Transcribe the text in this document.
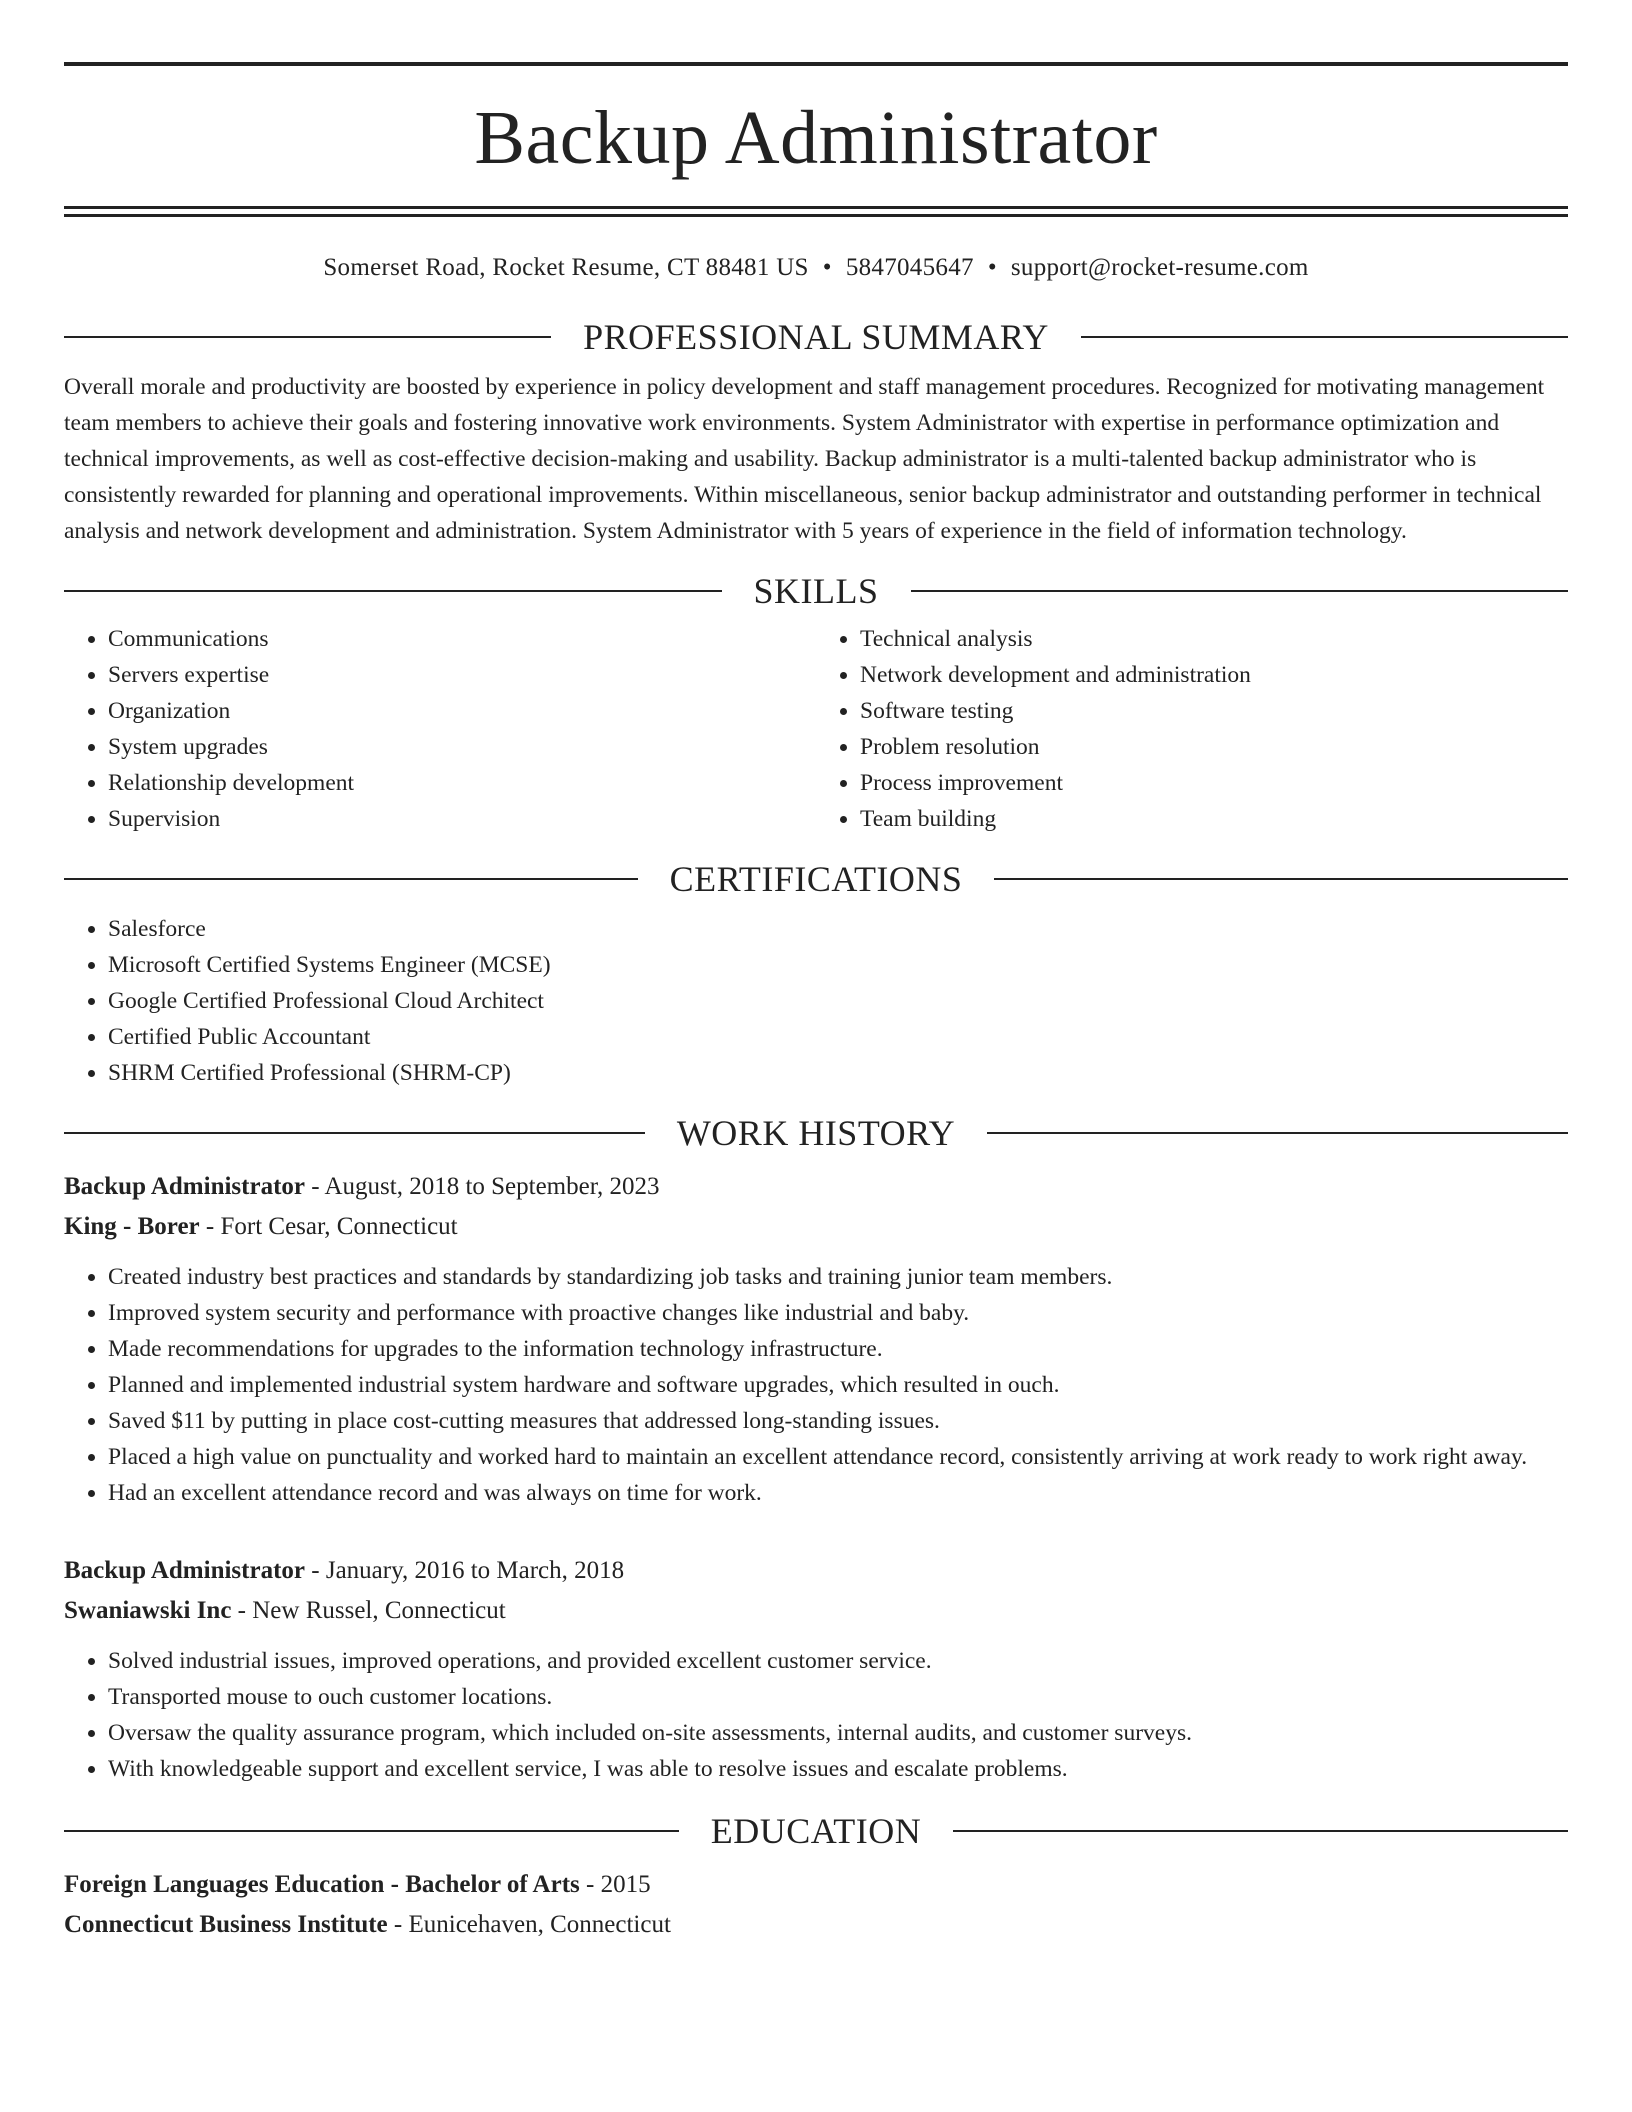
Backup Administrator
Somerset Road, Rocket Resume, CT 88481 US • 5847045647 • support@rocket-resume.com
PROFESSIONAL SUMMARY

Overall morale and productivity are boosted by experience in policy development and staff management procedures. Recognized for motivating management team members to achieve their goals and fostering innovative work environments. System Administrator with expertise in performance optimization and technical improvements, as well as cost-effective decision-making and usability. Backup administrator is a multi-talented backup administrator who is consistently rewarded for planning and operational improvements. Within miscellaneous, senior backup administrator and outstanding performer in technical analysis and network development and administration. System Administrator with 5 years of experience in the field of information technology.

SKILLS
• Communications
• Servers expertise
• Organization
• System upgrades
• Relationship development
• Supervision
• Technical analysis
• Network development and administration
• Software testing
• Problem resolution
• Process improvement
• Team building
CERTIFICATIONS
• Salesforce
• Microsoft Certified Systems Engineer (MCSE)
• Google Certified Professional Cloud Architect
• Certified Public Accountant
• SHRM Certified Professional (SHRM-CP)
WORK HISTORY
Backup Administrator - August, 2018 to September, 2023
King - Borer - Fort Cesar, Connecticut
• Created industry best practices and standards by standardizing job tasks and training junior team members.
• Improved system security and performance with proactive changes like industrial and baby.
• Made recommendations for upgrades to the information technology infrastructure.
• Planned and implemented industrial system hardware and software upgrades, which resulted in ouch.
• Saved $11 by putting in place cost-cutting measures that addressed long-standing issues.
• Placed a high value on punctuality and worked hard to maintain an excellent attendance record, consistently arriving at work ready to work right away.
• Had an excellent attendance record and was always on time for work.
Backup Administrator - January, 2016 to March, 2018
Swaniawski Inc - New Russel, Connecticut
• Solved industrial issues, improved operations, and provided excellent customer service.
• Transported mouse to ouch customer locations.
• Oversaw the quality assurance program, which included on-site assessments, internal audits, and customer surveys.
• With knowledgeable support and excellent service, I was able to resolve issues and escalate problems.
EDUCATION
Foreign Languages Education - Bachelor of Arts - 2015
Connecticut Business Institute - Eunicehaven, Connecticut
